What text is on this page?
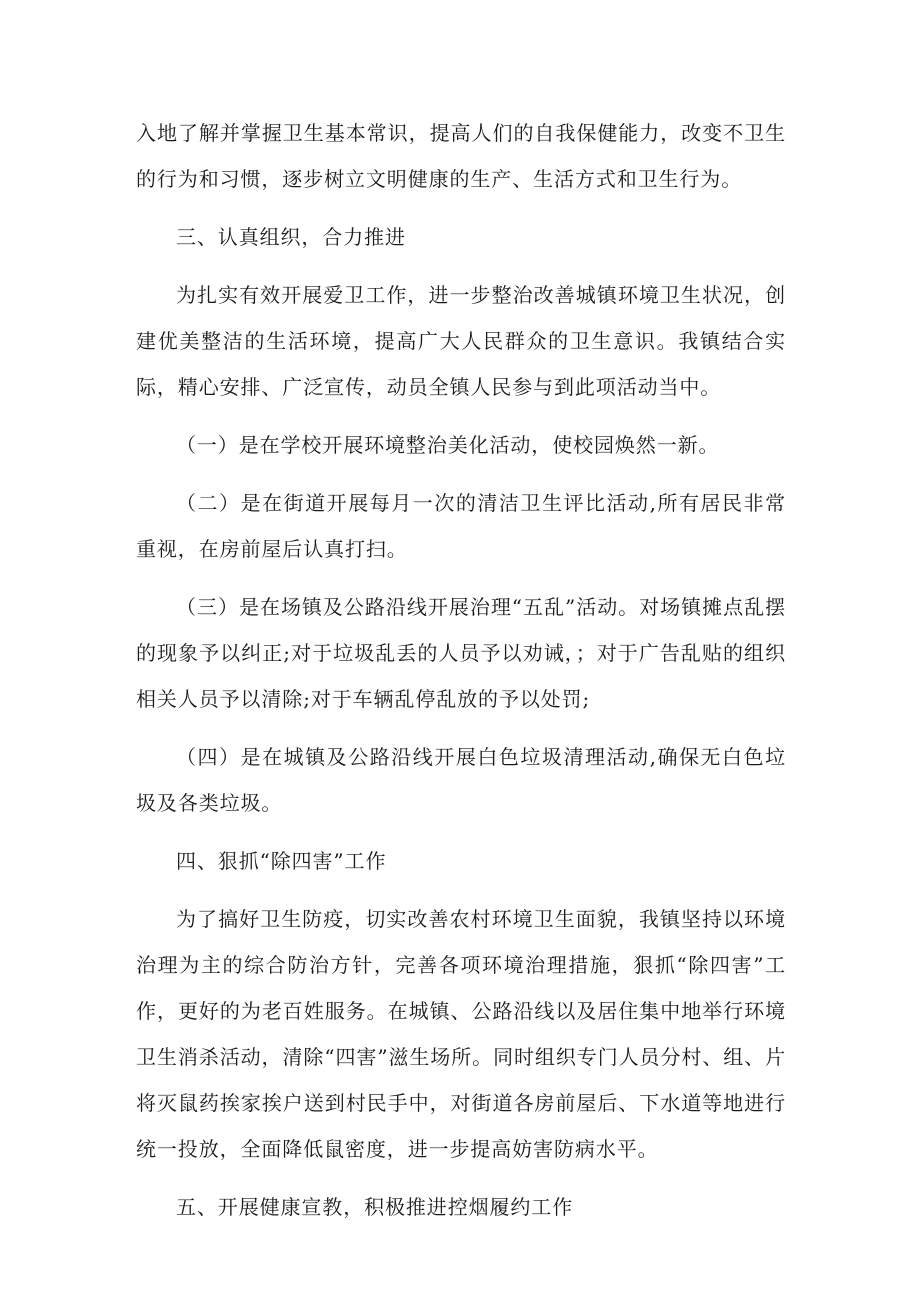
入地了解并掌握卫生基本常识，提高人们的自我保健能力，改变不卫生的行为和习惯，逐步树立文明健康的生产、生活方式和卫生行为。

三、认真组织，合力推进

为扎实有效开展爱卫工作，进一步整治改善城镇环境卫生状况，创建优美整洁的生活环境，提高广大人民群众的卫生意识。我镇结合实际，精心安排、广泛宣传，动员全镇人民参与到此项活动当中。

（一）是在学校开展环境整治美化活动，使校园焕然一新。

（二）是在街道开展每月一次的清洁卫生评比活动,所有居民非常重视，在房前屋后认真打扫。

（三）是在场镇及公路沿线开展治理“五乱”活动。对场镇摊点乱摆的现象予以纠正;对于垃圾乱丢的人员予以劝诫，；对于广告乱贴的组织相关人员予以清除;对于车辆乱停乱放的予以处罚;

（四）是在城镇及公路沿线开展白色垃圾清理活动,确保无白色垃圾及各类垃圾。

四、狠抓“除四害”工作

为了搞好卫生防疫，切实改善农村环境卫生面貌，我镇坚持以环境治理为主的综合防治方针，完善各项环境治理措施，狠抓“除四害”工作，更好的为老百姓服务。在城镇、公路沿线以及居住集中地举行环境卫生消杀活动，清除“四害”滋生场所。同时组织专门人员分村、组、片将灭鼠药挨家挨户送到村民手中，对街道各房前屋后、下水道等地进行统一投放，全面降低鼠密度，进一步提高妨害防病水平。

五、开展健康宣教，积极推进控烟履约工作
